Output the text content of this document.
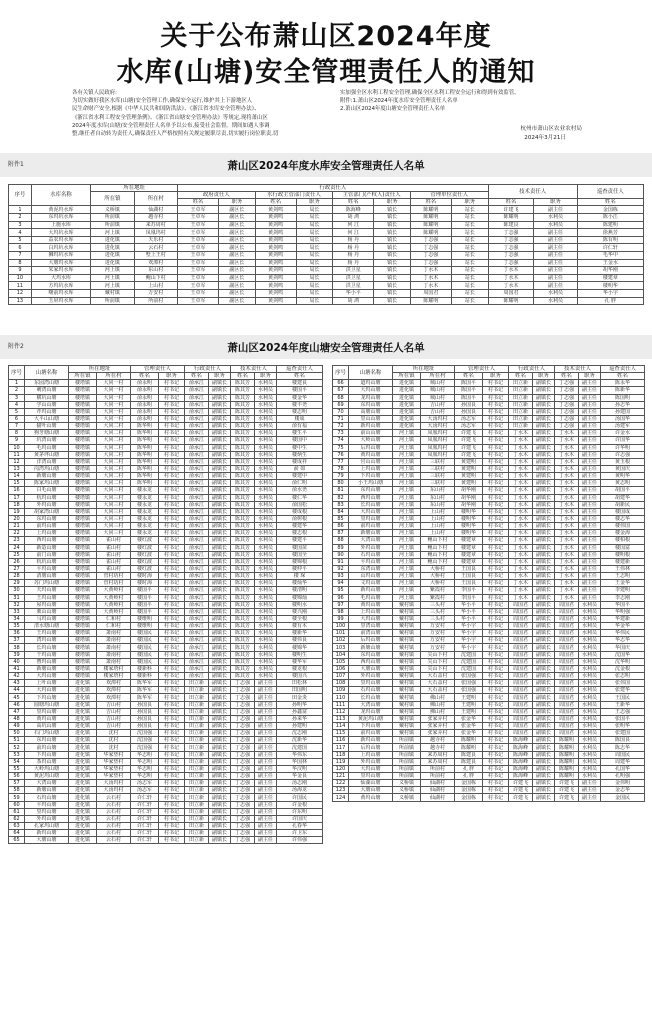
关于公布萧山区2024年度
水库(山塘)安全管理责任人的通知

各有关镇人民政府:

为切实做好我区水库(山塘)安全管理工作,确保安全运行,维护其上下游地区人

民生命财产安全,根据《中华人民共和国防洪法》、《浙江省水库安全管理办法》、

《浙江省水利工程安全管理条例》、《浙江省山塘安全管理办法》等规定,现将萧山区

2024年度水库(山塘)安全管理责任人名单予以公布,接受社会监督。期间如遇人事调

整,继任者自动转为责任人,确保责任人严格按照有关规定履职尽责,切实履行岗位职责,切

实加强全区水利工程安全管理,确保全区水利工程安全运行和得到有效监管。

附件:1.萧山区2024年度水库安全管理责任人名单

2.萧山区2024年度山塘安全管理责任人名单

杭州市萧山区农业农村局
2024年3月21日
附件1	萧山区2024年度水库安全管理责任人名单
序号	水库名称	所在地址		行政责任人								技术责任人		巡查责任人
				政府责任人		水行政主管部门责任人		主管部门(产权人)责任人		管理单位责任人				
		所在镇	所在村											
				姓名	职务	姓名	职务	姓名	职务	姓名	职务	姓名	职务	姓名
1	黄泥坞水库	义桥镇	仙湖村	王卓军	副区长	黄剑鸣	局长	陈海峰	镇长	陈耀明	站长	许建飞	副主任	金国栋
2	东坞坑水库	所前镇	越寺村	王卓军	副区长	黄剑鸣	局长	胡 鸿	镇长	陈耀明	站长	陈耀明	水利员	陈小江
3	上施水库	所前镇	来苏周村	王卓军	副区长	黄剑鸣	局长	何 江	镇长	陈耀明	站长	陈建良	水利员	陈建明
4	大坞坑水库	河上镇	凤凰坞村	王卓军	副区长	黄剑鸣	局长	何 江	镇长	陈耀明	站长	丁志强	副主任	徐燕芳
5	益农坞水库	进化镇	天乐村	王卓军	副区长	黄剑鸣	局长	杨 丹	镇长	丁志强	站长	丁志强	副主任	陈有明
6	白坞坑水库	进化镇	云石村	王卓军	副区长	黄剑鸣	局长	杨 丹	镇长	丁志强	站长	丁志强	副主任	许仁轩
7	狮坞坑水库	进化镇	墅上王村	王卓军	副区长	黄剑鸣	局长	杨 丹	镇长	丁志强	站长	丁志强	副主任	毛华中
8	大塘坞水库	进化镇	欢潭村	王卓军	副区长	黄剑鸣	局长	杨 丹	镇长	丁志强	站长	丁志强	副主任	王金水
9	朱家坞水库	河上镇	东山村	王卓军	副区长	黄剑鸣	局长	洪卫星	镇长	丁水木	站长	丁水木	副主任	胡华刚
10	大坞水库	河上镇	鲍山下村	王卓军	副区长	黄剑鸣	局长	洪卫星	镇长	丁水木	站长	丁水木	副主任	楼建章
11	方坞坑水库	河上镇	上山村	王卓军	副区长	黄剑鸣	局长	洪卫星	镇长	丁水木	站长	丁水木	副主任	楼明华
12	曙前坞水库	戴村镇	万安村	王卓军	副区长	黄剑鸣	局长	华小平	镇长	周国君	站长	周国君	水利员	华小宇
13	玉屏坞水库	所前镇	所前村	王卓军	副区长	黄剑鸣	局长	胡 鸿	镇长	陈耀明	站长	陈耀明	水利员	孔 胖
附件2	萧山区2024年度山塘安全管理责任人名单
序号	山塘名称	所在地址		管理责任人		行政责任人		技术责任人		巡查责任人
		所在镇	所在村	姓名	职务	姓名	职务	姓名	职务	姓名
1	东园湾山塘	楼塔镇	大同一村	俞永明	村书记	俞承江	副镇长	陈其芳	水利员	楼建良
2	刺湾山塘	楼塔镇	大同一村	俞永明	村书记	俞承江	副镇长	陈其芳	水利员	楼国平
3	横坑山塘	楼塔镇	大同一村	俞永明	村书记	俞承江	副镇长	陈其芳	水利员	楼金华
4	学山山塘	楼塔镇	大同一村	俞永明	村书记	俞承江	副镇长	陈其芳	水利员	楼丰尧
5	芹坞山塘	楼塔镇	大同一村	俞永明	村书记	俞承江	副镇长	陈其芳	水利员	楼志明
6	大平山山塘	楼塔镇	大同一村	俞永明	村书记	俞承江	副镇长	陈其芳	水利员	楼成
7	猫叶山塘	楼塔镇	大同二村	陈华明	村书记	俞承江	副镇长	陈其芳	水利员	俞有福
8	狗牙塘山塘	楼塔镇	大同二村	陈华明	村书记	俞承江	副镇长	陈其芳	水利员	楼生平
9	坑湾山塘	楼塔镇	大同二村	陈华明	村书记	俞承江	副镇长	陈其芳	水利员	楼国中
10	毛坞山塘	楼塔镇	大同二村	陈华明	村书记	俞承江	副镇长	陈其芳	水利员	楼中生
11	黄茅坪山塘	楼塔镇	大同二村	陈华明	村书记	俞承江	副镇长	陈其芳	水利员	楼炳生
12	洋湾山塘	楼塔镇	大同二村	陈华明	村书记	俞承江	副镇长	陈其芳	水利员	楼成祥
13	岗湾坞山塘	楼塔镇	大同二村	陈华明	村书记	俞承江	副镇长	陈其芳	水利员	俞 如
14	新塘山塘	楼塔镇	大同二村	陈华明	村书记	俞承江	副镇长	陈其芳	水利员	楼建中
15	陈家坞山塘	楼塔镇	大同二村	陈华明	村书记	俞承江	副镇长	陈其芳	水利员	俞仁明
16	白毛山塘	楼塔镇	大同三村	楼永龙	村书记	俞承江	副镇长	陈其芳	水利员	俞水尧
17	杭坞山塘	楼塔镇	大同三村	楼永龙	村书记	俞承江	副镇长	陈其芳	水利员	楼仁华
18	外坞山塘	楼塔镇	大同三村	楼永龙	村书记	俞承江	副镇长	陈其芳	水利员	俞国松
19	胡家湾山塘	楼塔镇	大同三村	楼永龙	村书记	俞承江	副镇长	陈其芳	水利员	楼成根
20	东坞山塘	楼塔镇	大同三村	楼永龙	村书记	俞承江	副镇长	陈其芳	水利员	俞树根
21	前坞山塘	楼塔镇	大同三村	楼永龙	村书记	俞承江	副镇长	陈其芳	水利员	楼建华
22	上坞山塘	楼塔镇	大同三村	楼永龙	村书记	俞承江	副镇长	陈其芳	水利员	楼志根
23	西坞山塘	楼塔镇	雀山村	楼红波	村书记	俞承江	副镇长	陈其芳	水利员	楼建平
24	新造山塘	楼塔镇	雀山村	楼红波	村书记	俞承江	副镇长	陈其芳	水利员	楼国苗
25	前门山塘	楼塔镇	雀山村	楼红波	村书记	俞承江	副镇长	陈其芳	水利员	楼国全
26	杭坑山塘	楼塔镇	雀山村	楼红波	村书记	俞承江	副镇长	陈其芳	水利员	楼锦根
27	平坞山塘	楼塔镇	雀山村	楼红波	村书记	俞承江	副镇长	陈其芳	水利员	楼仲平
28	清塘山塘	楼塔镇	管村坊村	楼时海	村书记	俞承江	副镇长	陈其芳	水利员	楼 琛
29	苏门坞山塘	楼塔镇	管村坊村	楼时海	村书记	俞承江	副镇长	陈其芳	水利员	楼灿华
30	天坞山塘	楼塔镇	大黄岭村	楼国平	村书记	俞承江	副镇长	陈其芳	水利员	楼清明
31	王坞山塘	楼塔镇	大黄岭村	楼国平	村书记	俞承江	副镇长	陈其芳	水利员	楼锦灿
32	屋坞山塘	楼塔镇	大黄岭村	楼国平	村书记	俞承江	副镇长	陈其芳	水利员	楼明水
33	栗山山塘	楼塔镇	大黄岭村	楼国平	村书记	俞承江	副镇长	陈其芳	水利员	楼兴刚
34	马坞山塘	楼塔镇	仁和村	楼维明	村书记	俞承江	副镇长	陈其芳	水利员	楼全根
35	清水塘山塘	楼塔镇	仁和村	楼维明	村书记	俞承江	副镇长	陈其芳	水利员	楼有木
36	王坞山塘	楼塔镇	萧南村	楼国民	村书记	俞承江	副镇长	陈其芳	水利员	楼新华
37	湾坞山塘	楼塔镇	萧南村	楼国民	村书记	俞承江	副镇长	陈其芳	水利员	楼伟良
38	长坞山塘	楼塔镇	萧南村	楼国民	村书记	俞承江	副镇长	陈其芳	水利员	楼锦华
39	干坞山塘	楼塔镇	萧南村	楼国民	村书记	俞承江	副镇长	陈其芳	水利员	楼明生
40	曹坞山塘	楼塔镇	萧南村	楼国民	村书记	俞承江	副镇长	陈其芳	水利员	楼华军
41	新塘山塘	楼塔镇	楼家塔村	楼新科	村书记	俞承江	副镇长	陈其芳	水利员	楼龙根
42	大坞山塘	楼塔镇	楼家塔村	楼新科	村书记	俞承江	副镇长	陈其芳	水利员	楼国兴
43	上叶山塘	进化镇	欢潭村	陈华军	村书记	田立新	副镇长	丁志强	副主任	田松林
44	大坞山塘	进化镇	欢潭村	陈华军	村书记	田立新	副镇长	丁志强	副主任	田国明
45	下坞山塘	进化镇	欢潭村	陈华军	村书记	田立新	副镇长	丁志强	副主任	田金炎
46	圆塘坞山塘	进化镇	吉山村	孙国良	村书记	田立新	副镇长	丁志强	副主任	孙明华
47	里坞山塘	进化镇	吉山村	孙国良	村书记	田立新	副镇长	丁志强	副主任	孙鑫富
48	黄坞山塘	进化镇	吉山村	孙国良	村书记	田立新	副镇长	丁志强	副主任	孙来华
49	高坑山塘	进化镇	吉山村	孙国良	村书记	田立新	副镇长	丁志强	副主任	孙建明
50	石门坞山塘	进化镇	沈村	沈国强	村书记	田立新	副镇长	丁志强	副主任	沈志刚
51	东坞山塘	进化镇	沈村	沈国强	村书记	田立新	副镇长	丁志强	副主任	沈新华
52	前坞山塘	进化镇	沈村	沈国强	村书记	田立新	副镇长	丁志强	副主任	沈建国
53	下坞山塘	进化镇	华家垫村	华志明	村书记	田立新	副镇长	丁志强	副主任	华伟东
54	茶坞山塘	进化镇	华家垫村	华志明	村书记	田立新	副镇长	丁志强	副主任	华国林
55	大岭坞山塘	进化镇	华家垫村	华志明	村书记	田立新	副镇长	丁志强	副主任	华汉明
56	黄泥坞山塘	进化镇	华家垫村	华志明	村书记	田立新	副镇长	丁志强	副主任	华金良
57	大湾山塘	进化镇	大汤坞村	汤志军	村书记	田立新	副镇长	丁志强	副主任	汤志刚
58	新塘山塘	进化镇	大汤坞村	汤志军	村书记	田立新	副镇长	丁志强	副主任	汤海龙
59	石坞山塘	进化镇	云石村	许仁轩	村书记	田立新	副镇长	丁志强	副主任	许国民
60	平坞山塘	进化镇	云石村	许仁轩	村书记	田立新	副镇长	丁志强	副主任	许金根
61	里坞山塘	进化镇	云石村	许仁轩	村书记	田立新	副镇长	丁志强	副主任	许东明
62	外坞山塘	进化镇	云石村	许仁轩	村书记	田立新	副镇长	丁志强	副主任	许国庆
63	孔家坞山塘	进化镇	云石村	许仁轩	村书记	田立新	副镇长	丁志强	副主任	孔春华
64	新坞山塘	进化镇	云石村	许仁轩	村书记	田立新	副镇长	丁志强	副主任	许卫东
65	大塘山塘	进化镇	云石村	许仁轩	村书记	田立新	副镇长	丁志强	副主任	许伟强
序号	山塘名称	所在地址		管理责任人		行政责任人		技术责任人		巡查责任人
		所在镇	所在村	姓名	职务	姓名	职务	姓名	职务	姓名
66	道坞山塘	进化镇	城山村	陈国平	村书记	田立新	副镇长	丁志强	副主任	陈永华
67	大坞山塘	进化镇	城山村	陈国平	村书记	田立新	副镇长	丁志强	副主任	陈新华
68	龙坞山塘	进化镇	城山村	陈国平	村书记	田立新	副镇长	丁志强	副主任	陈国明
69	东坞山塘	进化镇	吉山村	孙国良	村书记	田立新	副镇长	丁志强	副主任	孙志华
70	高塘山塘	进化镇	吉山村	孙国良	村书记	田立新	副镇长	丁志强	副主任	孙建国
71	里山山塘	进化镇	大汤坞村	汤志军	村书记	田立新	副镇长	丁志强	副主任	汤国华
72	新坞山塘	进化镇	大汤坞村	汤志军	村书记	田立新	副镇长	丁志强	副主任	汤建军
73	前山山塘	河上镇	凤凰坞村	许建飞	村书记	丁水木	副镇长	丁水木	副主任	许金水
74	大岭山塘	河上镇	凤凰坞村	许建飞	村书记	丁水木	副镇长	丁水木	副主任	许国华
75	后坞山塘	河上镇	凤凰坞村	许建飞	村书记	丁水木	副镇长	丁水木	副主任	许华明
76	黄坞山塘	河上镇	凤凰坞村	许建飞	村书记	丁水木	副镇长	丁水木	副主任	许志强
77	官山山塘	河上镇	三联村	黄建明	村书记	丁水木	副镇长	丁水木	副主任	黄玉根
78	上坞山塘	河上镇	三联村	黄建明	村书记	丁水木	副镇长	丁水木	副主任	黄国庆
79	下坞山塘	河上镇	三联村	黄建明	村书记	丁水木	副镇长	丁水木	副主任	黄明华
80	小王坞山塘	河上镇	三联村	黄建明	村书记	丁水木	副镇长	丁水木	副主任	黄志明
81	东坞山塘	河上镇	东山村	胡华刚	村书记	丁水木	副镇长	丁水木	副主任	胡国平
82	西坞山塘	河上镇	东山村	胡华刚	村书记	丁水木	副镇长	丁水木	副主任	胡建华
83	长坞山塘	河上镇	东山村	胡华刚	村书记	丁水木	副镇长	丁水木	副主任	胡新民
84	大坞山塘	河上镇	上山村	楼明华	村书记	丁水木	副镇长	丁水木	副主任	楼国成
85	里坞山塘	河上镇	上山村	楼明华	村书记	丁水木	副镇长	丁水木	副主任	楼志华
86	前坞山塘	河上镇	上山村	楼明华	村书记	丁水木	副镇长	丁水木	副主任	楼伟国
87	新塘山塘	河上镇	上山村	楼明华	村书记	丁水木	副镇长	丁水木	副主任	楼金海
88	大湾山塘	河上镇	鲍山下村	楼建章	村书记	丁水木	副镇长	丁水木	副主任	楼柏根
89	外坞山塘	河上镇	鲍山下村	楼建章	村书记	丁水木	副镇长	丁水木	副主任	楼国富
90	石坞山塘	河上镇	鲍山下村	楼建章	村书记	丁水木	副镇长	丁水木	副主任	楼明根
91	平坞山塘	河上镇	鲍山下村	楼建章	村书记	丁水木	副镇长	丁水木	副主任	楼建新
92	东湾山塘	河上镇	大桥村	王国良	村书记	丁水木	副镇长	丁水木	副主任	王伟林
93	山坞山塘	河上镇	大桥村	王国良	村书记	丁水木	副镇长	丁水木	副主任	王志明
94	文坞山塘	河上镇	大桥村	王国良	村书记	丁水木	副镇长	丁水木	副主任	王金华
95	新坞山塘	河上镇	紫霞村	李国平	村书记	丁水木	副镇长	丁水木	副主任	李建明
96	毛坞山塘	河上镇	紫霞村	李国平	村书记	丁水木	副镇长	丁水木	副主任	李志刚
97	黄坞山塘	戴村镇	三头村	华小平	村书记	周国君	副镇长	周国君	水利员	华国平
98	上坞山塘	戴村镇	三头村	华小平	村书记	周国君	副镇长	周国君	水利员	华明强
99	大坞山塘	戴村镇	三头村	华小平	村书记	周国君	副镇长	周国君	水利员	华建新
100	里湾山塘	戴村镇	万安村	华小宇	村书记	周国君	副镇长	周国君	水利员	华金华
101	前湾山塘	戴村镇	万安村	华小宇	村书记	周国君	副镇长	周国君	水利员	华伟民
102	后坞山塘	戴村镇	万安村	华小宇	村书记	周国君	副镇长	周国君	水利员	华志华
103	新塘山塘	戴村镇	万安村	华小宇	村书记	周国君	副镇长	周国君	水利员	华国庆
104	东坞山塘	戴村镇	尖山下村	沈建国	村书记	周国君	副镇长	周国君	水利员	沈国华
105	西坞山塘	戴村镇	尖山下村	沈建国	村书记	周国君	副镇长	周国君	水利员	沈华明
106	大塘山塘	戴村镇	尖山下村	沈建国	村书记	周国君	副镇长	周国君	水利员	沈金根
107	外坞山塘	戴村镇	大石盖村	张国强	村书记	周国君	副镇长	周国君	水利员	张志明
108	里坞山塘	戴村镇	大石盖村	张国强	村书记	周国君	副镇长	周国君	水利员	张伟国
109	石坞山塘	戴村镇	大石盖村	张国强	村书记	周国君	副镇长	周国君	水利员	张建华
110	长坞山塘	戴村镇	佛山村	王建明	村书记	周国君	副镇长	周国君	水利员	王国民
111	大湾山塘	戴村镇	佛山村	王建明	村书记	周国君	副镇长	周国君	水利员	王新华
112	龙坞山塘	戴村镇	佛山村	王建明	村书记	周国君	副镇长	周国君	水利员	王志强
113	黄泥坞山塘	戴村镇	张家弄村	张金华	村书记	周国君	副镇长	周国君	水利员	张国平
114	下坞山塘	戴村镇	张家弄村	张金华	村书记	周国君	副镇长	周国君	水利员	张明华
115	前坞山塘	戴村镇	张家弄村	张金华	村书记	周国君	副镇长	周国君	水利员	张建国
116	新坞山塘	所前镇	越寺村	陈耀明	村书记	陈海峰	副镇长	陈耀明	水利员	陈国良
117	后坞山塘	所前镇	越寺村	陈耀明	村书记	陈海峰	副镇长	陈耀明	水利员	陈志华
118	上坞山塘	所前镇	来苏周村	陈建良	村书记	陈海峰	副镇长	陈耀明	水利员	周国民
119	外坞山塘	所前镇	来苏周村	陈建良	村书记	陈海峰	副镇长	陈耀明	水利员	周建华
120	大坞山塘	所前镇	所前村	孔 胖	村书记	陈海峰	副镇长	陈耀明	水利员	孔国华
121	里坞山塘	所前镇	所前村	孔 胖	村书记	陈海峰	副镇长	陈耀明	水利员	孔明强
122	仙湖山塘	义桥镇	仙湖村	金国栋	村书记	许建飞	副镇长	许建飞	副主任	金伟明
123	大塘山塘	义桥镇	仙湖村	金国栋	村书记	许建飞	副镇长	许建飞	副主任	金志华
124	黄坞山塘	义桥镇	仙湖村	金国栋	村书记	许建飞	副镇长	许建飞	副主任	金国民
